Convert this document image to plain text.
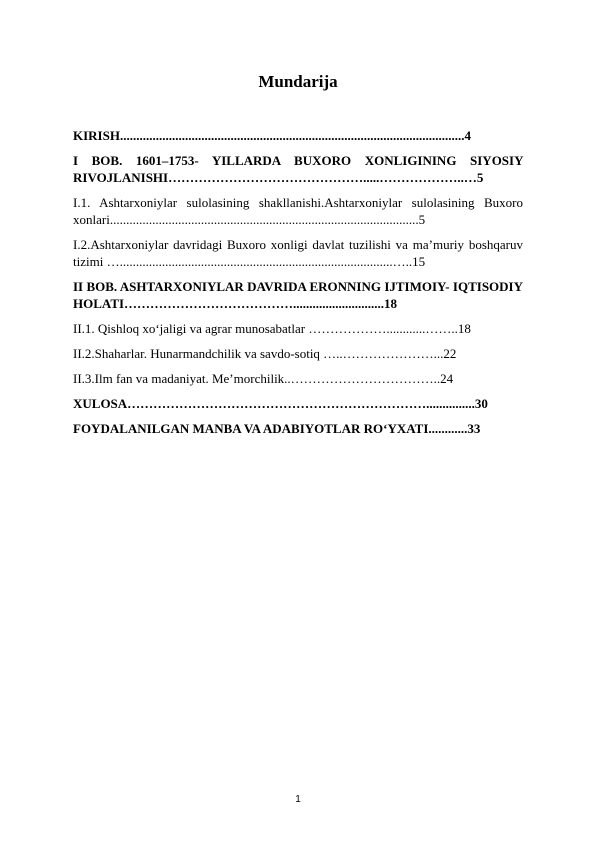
Mundarija
KIRISH..........................................................................................................4
I BOB. 1601–1753- YILLARDA BUXORO XONLIGINING SIYOSIY RIVOJLANISHI……………………………………….....………………..…5
I.1. Ashtarxoniylar sulolasining shakllanishi.Ashtarxoniylar sulolasining Buxoro xonlari...............................................................................................5
I.2.Ashtarxoniylar davridagi Buxoro xonligi davlat tuzilishi va ma’muriy boshqaruv tizimi …....................................................................................…..15
II BOB. ASHTARXONIYLAR DAVRIDA ERONNING IJTIMOIY- IQTISODIY HOLATI…………………………………............................18
II.1. Qishloq xo‘jaligi va agrar munosabatlar ………………............……..18
II.2.Shaharlar. Hunarmandchilik va savdo-sotiq …..…………………...22
II.3.Ilm fan va madaniyat. Me’morchilik..……………………………..24
XULOSA……………………………………………………………...............30
FOYDALANILGAN MANBA VA ADABIYOTLAR RO‘YXATI............33
1
